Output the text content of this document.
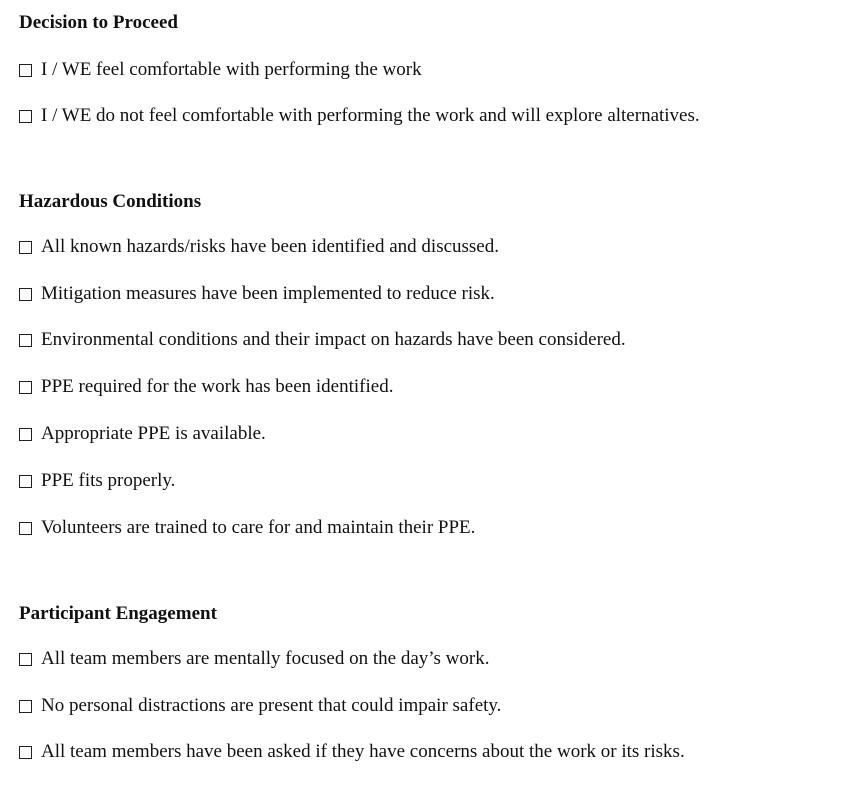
Decision to Proceed
I / WE feel comfortable with performing the work
I / WE do not feel comfortable with performing the work and will explore alternatives.
Hazardous Conditions
All known hazards/risks have been identified and discussed.
Mitigation measures have been implemented to reduce risk.
Environmental conditions and their impact on hazards have been considered.
PPE required for the work has been identified.
Appropriate PPE is available.
PPE fits properly.
Volunteers are trained to care for and maintain their PPE.
Participant Engagement
All team members are mentally focused on the day’s work.
No personal distractions are present that could impair safety.
All team members have been asked if they have concerns about the work or its risks.
